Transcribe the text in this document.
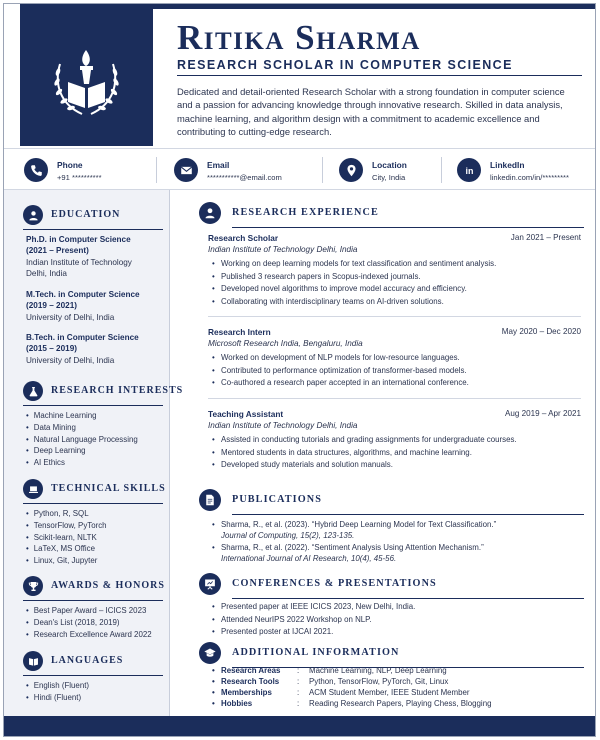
Ritika Sharma
RESEARCH SCHOLAR IN COMPUTER SCIENCE
Dedicated and detail-oriented Research Scholar with a strong foundation in computer science and a passion for advancing knowledge through innovative research. Skilled in data analysis, machine learning, and algorithm design with a commitment to academic excellence and contributing to cutting-edge research.
Phone
+91 **********
Email
***********@email.com
Location
City, India
in
LinkedIn
linkedin.com/in/*********
EDUCATION
Ph.D. in Computer Science
(2021 – Present)
Indian Institute of Technology
Delhi, India
M.Tech. in Computer Science
(2019 – 2021)
University of Delhi, India
B.Tech. in Computer Science
(2015 – 2019)
University of Delhi, India
RESEARCH INTERESTS
• Machine Learning
• Data Mining
• Natural Language Processing
• Deep Learning
• AI Ethics
TECHNICAL SKILLS
• Python, R, SQL
• TensorFlow, PyTorch
• Scikit-learn, NLTK
• LaTeX, MS Office
• Linux, Git, Jupyter
AWARDS & HONORS
• Best Paper Award – ICICS 2023
• Dean's List (2018, 2019)
• Research Excellence Award 2022
LANGUAGES
• English (Fluent)
• Hindi (Fluent)
RESEARCH EXPERIENCE
Research Scholar	Jan 2021 – Present
Indian Institute of Technology Delhi, India
• Working on deep learning models for text classification and sentiment analysis.
• Published 3 research papers in Scopus-indexed journals.
• Developed novel algorithms to improve model accuracy and efficiency.
• Collaborating with interdisciplinary teams on AI-driven solutions.
Research Intern	May 2020 – Dec 2020
Microsoft Research India, Bengaluru, India
• Worked on development of NLP models for low-resource languages.
• Contributed to performance optimization of transformer-based models.
• Co-authored a research paper accepted in an international conference.
Teaching Assistant	Aug 2019 – Apr 2021
Indian Institute of Technology Delhi, India
• Assisted in conducting tutorials and grading assignments for undergraduate courses.
• Mentored students in data structures, algorithms, and machine learning.
• Developed study materials and solution manuals.
PUBLICATIONS
• Sharma, R., et al. (2023). “Hybrid Deep Learning Model for Text Classification.”
Journal of Computing, 15(2), 123-135.
• Sharma, R., et al. (2022). “Sentiment Analysis Using Attention Mechanism.”
International Journal of AI Research, 10(4), 45-56.
CONFERENCES & PRESENTATIONS
• Presented paper at IEEE ICICS 2023, New Delhi, India.
• Attended NeurIPS 2022 Workshop on NLP.
• Presented poster at IJCAI 2021.
ADDITIONAL INFORMATION
• Research Areas : Machine Learning, NLP, Deep Learning
• Research Tools : Python, TensorFlow, PyTorch, Git, Linux
• Memberships	: ACM Student Member, IEEE Student Member
• Hobbies	: Reading Research Papers, Playing Chess, Blogging
